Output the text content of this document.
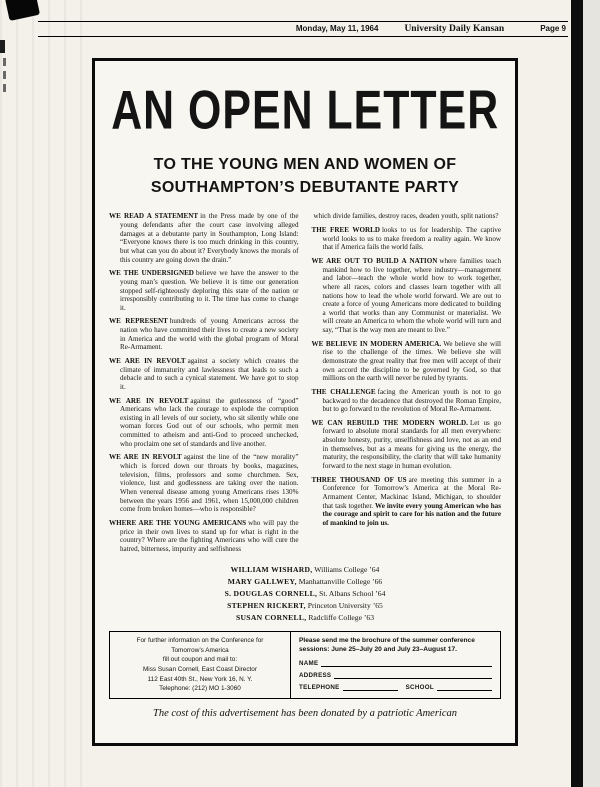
Monday, May 11, 1964	University Daily Kansan	Page 9
AN OPEN LETTER
TO THE YOUNG MEN AND WOMEN OF
SOUTHAMPTON’S DEBUTANTE PARTY

WE READ A STATEMENT in the Press made by one of the young defendants after the court case involving alleged damages at a debutante party in Southampton, Long Island: “Everyone knows there is too much drinking in this country, but what can you do about it? Everybody knows the morals of this country are going down the drain.”

WE THE UNDERSIGNED believe we have the answer to the young man’s question. We believe it is time our generation stopped self-righteously deploring this state of the nation or irresponsibly contributing to it. The time has come to change it.

WE REPRESENT hundreds of young Americans across the nation who have committed their lives to create a new society in America and the world with the global program of Moral Re-Armament.

WE ARE IN REVOLT against a society which creates the climate of immaturity and lawlessness that leads to such a debacle and to such a cynical statement. We have got to stop it.

WE ARE IN REVOLT against the gutlessness of “good” Americans who lack the courage to explode the corruption existing in all levels of our society, who sit silently while one woman forces God out of our schools, who permit men committed to atheism and anti-God to proceed unchecked, who proclaim one set of standards and live another.

WE ARE IN REVOLT against the line of the “new morality” which is forced down our throats by books, magazines, television, films, professors and some churchmen. Sex, violence, lust and godlessness are taking over the nation. When venereal disease among young Americans rises 130% between the years 1956 and 1961, when 15,000,000 children come from broken homes—who is responsible?

WHERE ARE THE YOUNG AMERICANS who will pay the price in their own lives to stand up for what is right in the country? Where are the fighting Americans who will cure the hatred, bitterness, impurity and selfishness

which divide families, destroy races, deaden youth, split nations?

THE FREE WORLD looks to us for leadership. The captive world looks to us to make freedom a reality again. We know that if America fails the world fails.

WE ARE OUT TO BUILD A NATION where families teach mankind how to live together, where industry—management and labor—teach the whole world how to work together, where all races, colors and classes learn together with all nations how to lead the whole world forward. We are out to create a force of young Americans more dedicated to building a world that works than any Communist or materialist. We will create an America to whom the whole world will turn and say, “That is the way men are meant to live.”

WE BELIEVE IN MODERN AMERICA. We believe she will rise to the challenge of the times. We believe she will demonstrate the great reality that free men will accept of their own accord the discipline to be governed by God, so that millions on the earth will never be ruled by tyrants.

THE CHALLENGE facing the American youth is not to go backward to the decadence that destroyed the Roman Empire, but to go forward to the revolution of Moral Re-Armament.

WE CAN REBUILD THE MODERN WORLD. Let us go forward to absolute moral standards for all men everywhere: absolute honesty, purity, unselfishness and love, not as an end in themselves, but as a means for giving us the energy, the maturity, the responsibility, the clarity that will take humanity forward to the next stage in human evolution.

THREE THOUSAND OF US are meeting this summer in a Conference for Tomorrow’s America at the Moral Re-Armament Center, Mackinac Island, Michigan, to shoulder that task together. We invite every young American who has the courage and spirit to care for his nation and the future of mankind to join us.

WILLIAM WISHARD, Williams College ’64
MARY GALLWEY, Manhattanville College ’66
S. DOUGLAS CORNELL, St. Albans School ’64
STEPHEN RICKERT, Princeton University ’65
SUSAN CORNELL, Radcliffe College ’63
For further information on the Conference for
Tomorrow’s America
fill out coupon and mail to:
Miss Susan Cornell, East Coast Director
112 East 40th St., New York 16, N. Y.
Telephone: (212) MO 1-3060
Please send me the brochure of the summer conference sessions: June 25–July 20 and July 23–August 17.
NAME
ADDRESS
TELEPHONE	SCHOOL
The cost of this advertisement has been donated by a patriotic American
